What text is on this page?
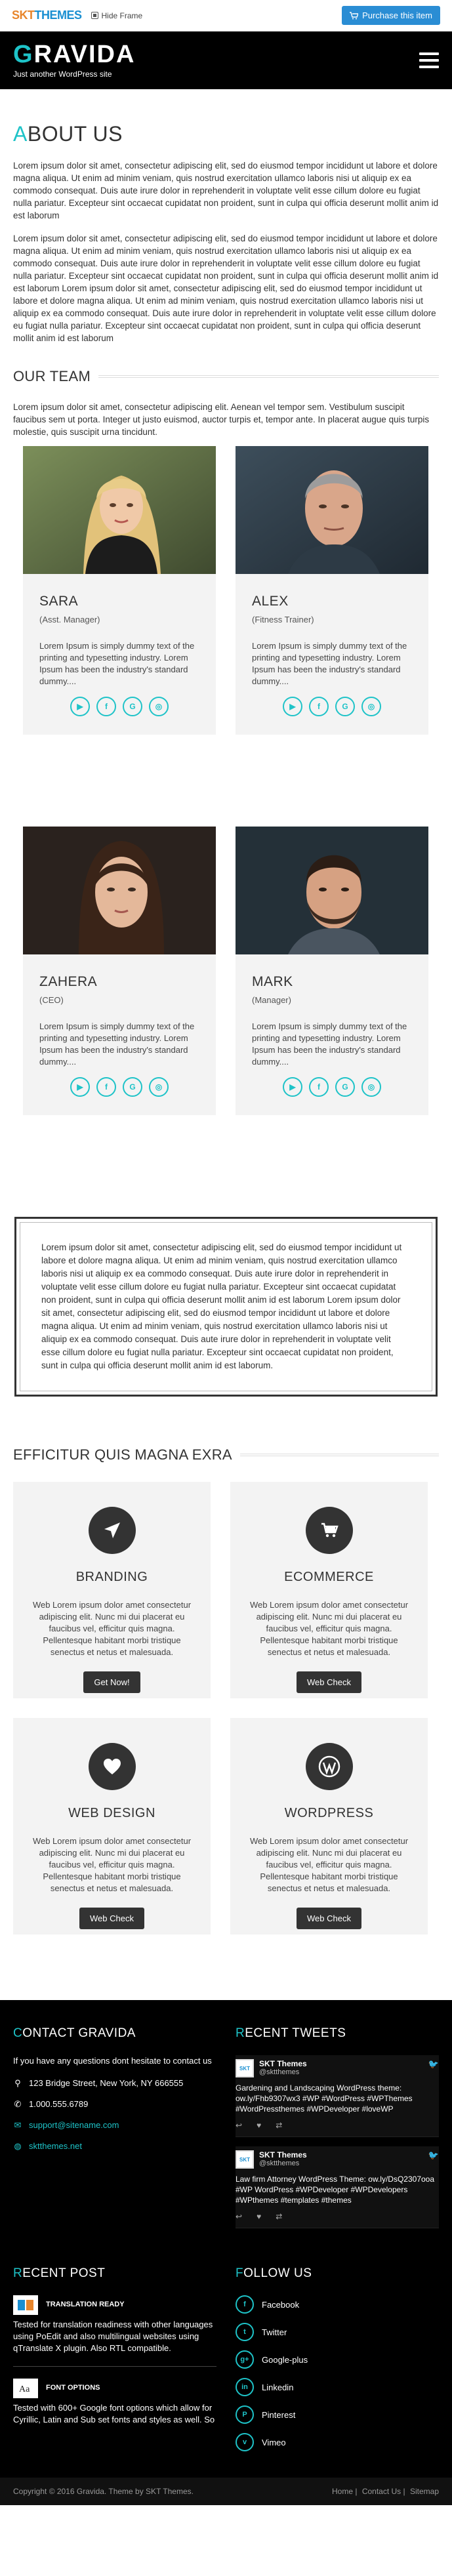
SKTTHEMES	Hide Frame	Purchase this item
GRAVIDA
Just another WordPress site
ABOUT US

Lorem ipsum dolor sit amet, consectetur adipiscing elit, sed do eiusmod tempor incididunt ut labore et dolore magna aliqua. Ut enim ad minim veniam, quis nostrud exercitation ullamco laboris nisi ut aliquip ex ea commodo consequat. Duis aute irure dolor in reprehenderit in voluptate velit esse cillum dolore eu fugiat nulla pariatur. Excepteur sint occaecat cupidatat non proident, sunt in culpa qui officia deserunt mollit anim id est laborum

Lorem ipsum dolor sit amet, consectetur adipiscing elit, sed do eiusmod tempor incididunt ut labore et dolore magna aliqua. Ut enim ad minim veniam, quis nostrud exercitation ullamco laboris nisi ut aliquip ex ea commodo consequat. Duis aute irure dolor in reprehenderit in voluptate velit esse cillum dolore eu fugiat nulla pariatur. Excepteur sint occaecat cupidatat non proident, sunt in culpa qui officia deserunt mollit anim id est laborum Lorem ipsum dolor sit amet, consectetur adipiscing elit, sed do eiusmod tempor incididunt ut labore et dolore magna aliqua. Ut enim ad minim veniam, quis nostrud exercitation ullamco laboris nisi ut aliquip ex ea commodo consequat. Duis aute irure dolor in reprehenderit in voluptate velit esse cillum dolore eu fugiat nulla pariatur. Excepteur sint occaecat cupidatat non proident, sunt in culpa qui officia deserunt mollit anim id est laborum

OUR TEAM

Lorem ipsum dolor sit amet, consectetur adipiscing elit. Aenean vel tempor sem. Vestibulum suscipit faucibus sem ut porta. Integer ut justo euismod, auctor turpis et, tempor ante. In placerat augue quis turpis molestie, quis suscipit urna tincidunt.

SARA
(Asst. Manager)
Lorem Ipsum is simply dummy text of the printing and typesetting industry. Lorem Ipsum has been the industry's standard dummy....
▶	f	G	◎
ALEX
(Fitness Trainer)
Lorem Ipsum is simply dummy text of the printing and typesetting industry. Lorem Ipsum has been the industry's standard dummy....
▶	f	G	◎
ZAHERA
(CEO)
Lorem Ipsum is simply dummy text of the printing and typesetting industry. Lorem Ipsum has been the industry's standard dummy....
▶	f	G	◎
MARK
(Manager)
Lorem Ipsum is simply dummy text of the printing and typesetting industry. Lorem Ipsum has been the industry's standard dummy....
▶	f	G	◎

Lorem ipsum dolor sit amet, consectetur adipiscing elit, sed do eiusmod tempor incididunt ut labore et dolore magna aliqua. Ut enim ad minim veniam, quis nostrud exercitation ullamco laboris nisi ut aliquip ex ea commodo consequat. Duis aute irure dolor in reprehenderit in voluptate velit esse cillum dolore eu fugiat nulla pariatur. Excepteur sint occaecat cupidatat non proident, sunt in culpa qui officia deserunt mollit anim id est laborum Lorem ipsum dolor sit amet, consectetur adipiscing elit, sed do eiusmod tempor incididunt ut labore et dolore magna aliqua. Ut enim ad minim veniam, quis nostrud exercitation ullamco laboris nisi ut aliquip ex ea commodo consequat. Duis aute irure dolor in reprehenderit in voluptate velit esse cillum dolore eu fugiat nulla pariatur. Excepteur sint occaecat cupidatat non proident, sunt in culpa qui officia deserunt mollit anim id est laborum.

EFFICITUR QUIS MAGNA EXRA
BRANDING

Web Lorem ipsum dolor amet consectetur adipiscing elit. Nunc mi dui placerat eu faucibus vel, efficitur quis magna. Pellentesque habitant morbi tristique senectus et netus et malesuada.

Get Now!
ECOMMERCE

Web Lorem ipsum dolor amet consectetur adipiscing elit. Nunc mi dui placerat eu faucibus vel, efficitur quis magna. Pellentesque habitant morbi tristique senectus et netus et malesuada.

Web Check
WEB DESIGN

Web Lorem ipsum dolor amet consectetur adipiscing elit. Nunc mi dui placerat eu faucibus vel, efficitur quis magna. Pellentesque habitant morbi tristique senectus et netus et malesuada.

Web Check
WORDPRESS

Web Lorem ipsum dolor amet consectetur adipiscing elit. Nunc mi dui placerat eu faucibus vel, efficitur quis magna. Pellentesque habitant morbi tristique senectus et netus et malesuada.

Web Check
CONTACT GRAVIDA

If you have any questions dont hesitate to contact us

⚲ 123 Bridge Street, New York, NY 666555
✆ 1.000.555.6789
✉ support@sitename.com
◍ sktthemes.net
RECENT TWEETS
SKT	SKT Themes
@sktthemes
🐦
Gardening and Landscaping WordPress theme: ow.ly/Fhb9307wx3 #WP #WordPress #WPThemes #WordPressthemes #WPDeveloper #loveWP
↩ ♥ ⇄
SKT	SKT Themes
@sktthemes
🐦
Law firm Attorney WordPress Theme: ow.ly/DsQ2307ooa #WP WordPress #WPDeveloper #WPDevelopers #WPthemes #templates #themes
↩ ♥ ⇄
RECENT POST
TRANSLATION READY

Tested for translation readiness with other languages using PoEdit and also multilingual websites using qTranslate X plugin. Also RTL compatible.

Aa FONT OPTIONS

Tested with 600+ Google font options which allow for Cyrillic, Latin and Sub set fonts and styles as well. So

FOLLOW US
f	Facebook
t	Twitter
g+	Google-plus
in	Linkedin
P	Pinterest
v	Vimeo
Copyright © 2016 Gravida. Theme by SKT Themes.	Home | Contact Us | Sitemap
